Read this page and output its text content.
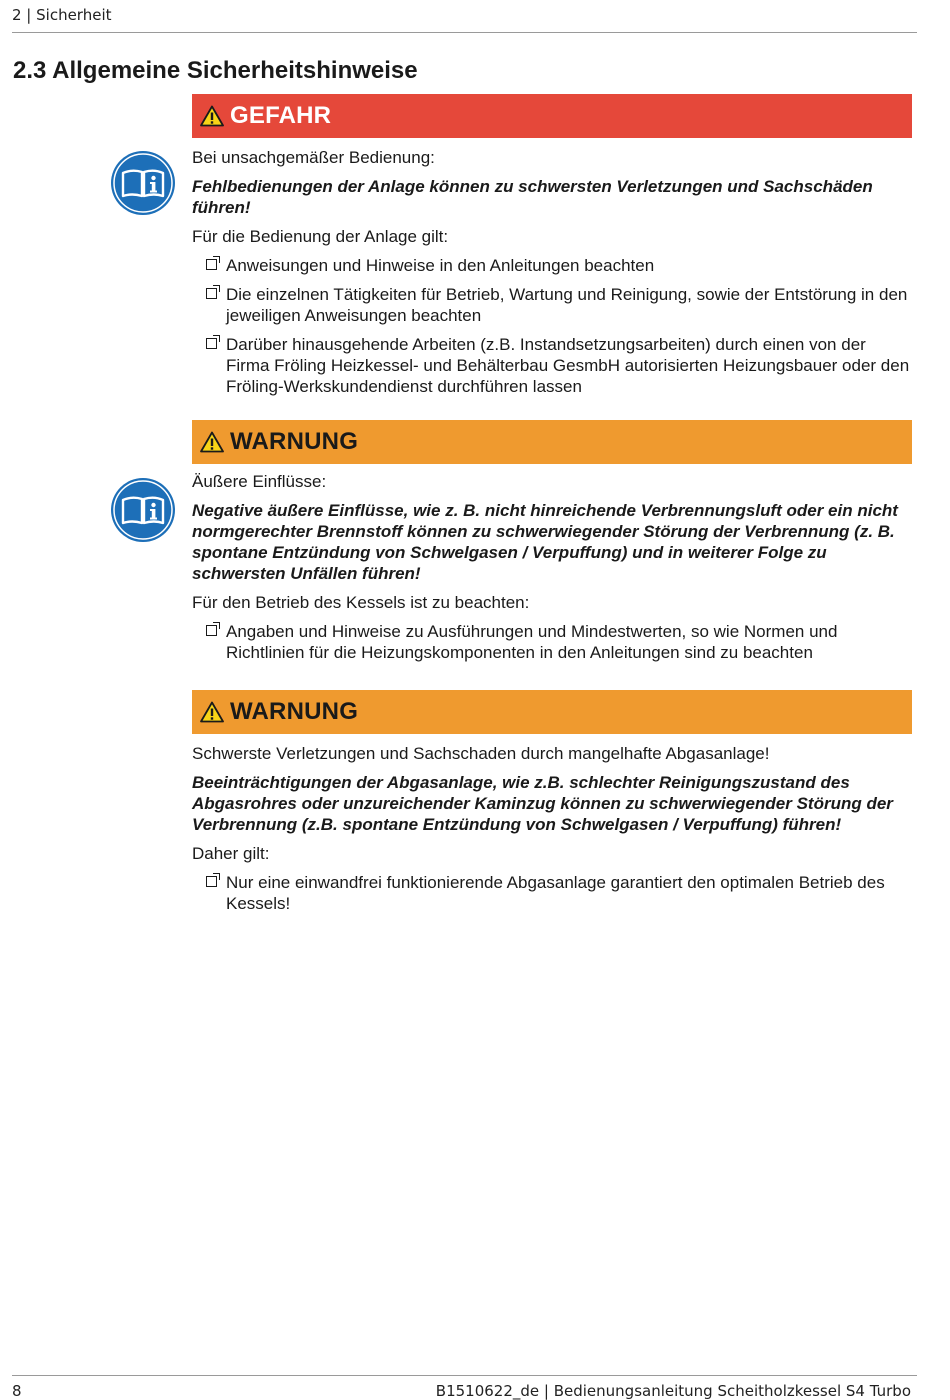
2 | Sicherheit
2.3 Allgemeine Sicherheitshinweise
GEFAHR

Bei unsachgemäßer Bedienung:

Fehlbedienungen der Anlage können zu schwersten Verletzungen und Sachschäden führen!

Für die Bedienung der Anlage gilt:

Anweisungen und Hinweise in den Anleitungen beachten
Die einzelnen Tätigkeiten für Betrieb, Wartung und Reinigung, sowie der Entstörung in den jeweiligen Anweisungen beachten
Darüber hinausgehende Arbeiten (z.B. Instandsetzungsarbeiten) durch einen von der Firma Fröling Heizkessel- und Behälterbau GesmbH autorisierten Heizungsbauer oder den Fröling-Werkskundendienst durchführen lassen
WARNUNG

Äußere Einflüsse:

Negative äußere Einflüsse, wie z. B. nicht hinreichende Verbrennungsluft oder ein nicht normgerechter Brennstoff können zu schwerwiegender Störung der Verbrennung (z. B. spontane Entzündung von Schwelgasen / Verpuffung) und in weiterer Folge zu schwersten Unfällen führen!

Für den Betrieb des Kessels ist zu beachten:

Angaben und Hinweise zu Ausführungen und Mindestwerten, so wie Normen und Richtlinien für die Heizungskomponenten in den Anleitungen sind zu beachten
WARNUNG

Schwerste Verletzungen und Sachschaden durch mangelhafte Abgasanlage!

Beeinträchtigungen der Abgasanlage, wie z.B. schlechter Reinigungszustand des Abgasrohres oder unzureichender Kaminzug können zu schwerwiegender Störung der Verbrennung (z.B. spontane Entzündung von Schwelgasen / Verpuffung) führen!

Daher gilt:

Nur eine einwandfrei funktionierende Abgasanlage garantiert den optimalen Betrieb des Kessels!
8	B1510622_de | Bedienungsanleitung Scheitholzkessel S4 Turbo
